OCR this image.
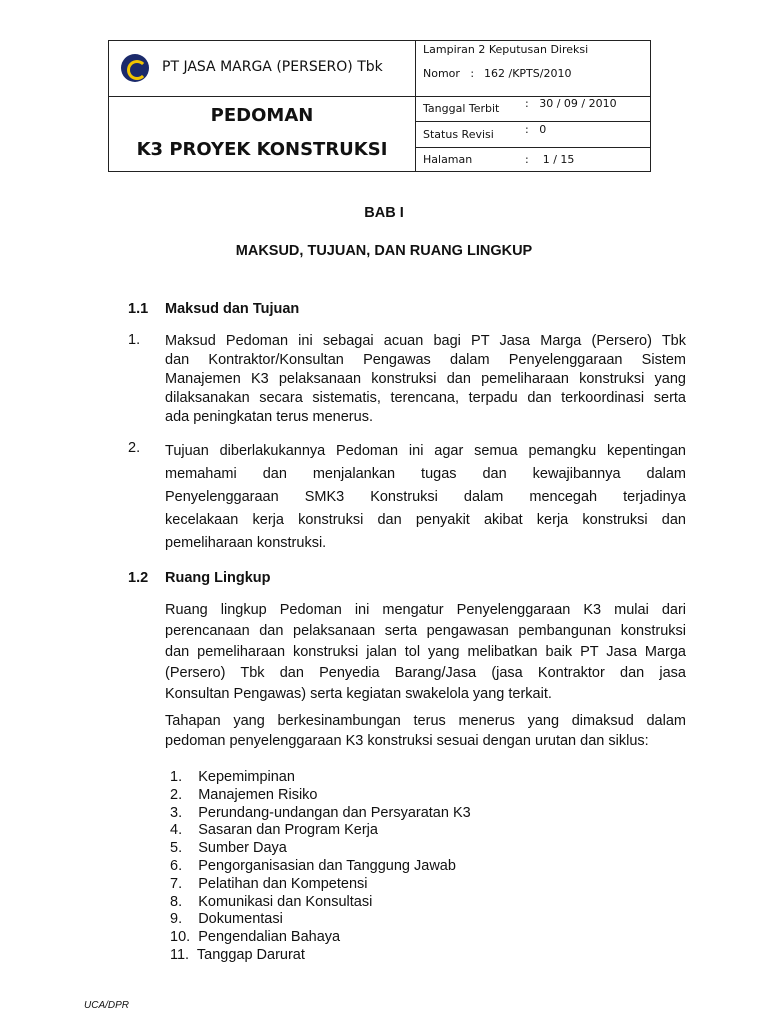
PT JASA MARGA (PERSERO) Tbk
PEDOMAN
K3 PROYEK KONSTRUKSI
Lampiran 2 Keputusan Direksi
Nomor   : 162 /KPTS/2010
Tanggal Terbit :   30 / 09 / 2010
Status Revisi	:   0
Halaman	:    1 / 15
BAB I
MAKSUD, TUJUAN, DAN RUANG LINGKUP
1.1 Maksud dan Tujuan
1. Maksud Pedoman ini sebagai acuan bagi PT Jasa Marga (Persero) Tbk
dan Kontraktor/Konsultan Pengawas dalam Penyelenggaraan Sistem
Manajemen K3 pelaksanaan konstruksi dan pemeliharaan konstruksi yang
dilaksanakan secara sistematis, terencana, terpadu dan terkoordinasi serta
ada peningkatan terus menerus.
2. Tujuan diberlakukannya Pedoman ini agar semua pemangku kepentingan
memahami dan menjalankan tugas dan kewajibannya dalam
Penyelenggaraan SMK3 Konstruksi dalam mencegah terjadinya
kecelakaan kerja konstruksi dan penyakit akibat kerja konstruksi dan
pemeliharaan konstruksi.
1.2 Ruang Lingkup
Ruang lingkup Pedoman ini mengatur Penyelenggaraan K3 mulai dari
perencanaan dan pelaksanaan serta pengawasan pembangunan konstruksi
dan pemeliharaan konstruksi jalan tol yang melibatkan baik PT Jasa Marga
(Persero) Tbk dan Penyedia Barang/Jasa (jasa Kontraktor dan jasa
Konsultan Pengawas) serta kegiatan swakelola yang terkait.
Tahapan yang berkesinambungan terus menerus yang dimaksud dalam
pedoman penyelenggaraan K3 konstruksi sesuai dengan urutan dan siklus:
1.    Kepemimpinan
2.    Manajemen Risiko
3.    Perundang-undangan dan Persyaratan K3
4.    Sasaran dan Program Kerja
5.    Sumber Daya
6.    Pengorganisasian dan Tanggung Jawab
7.    Pelatihan dan Kompetensi
8.    Komunikasi dan Konsultasi
9.    Dokumentasi
10.  Pengendalian Bahaya
11.  Tanggap Darurat
UCA/DPR
